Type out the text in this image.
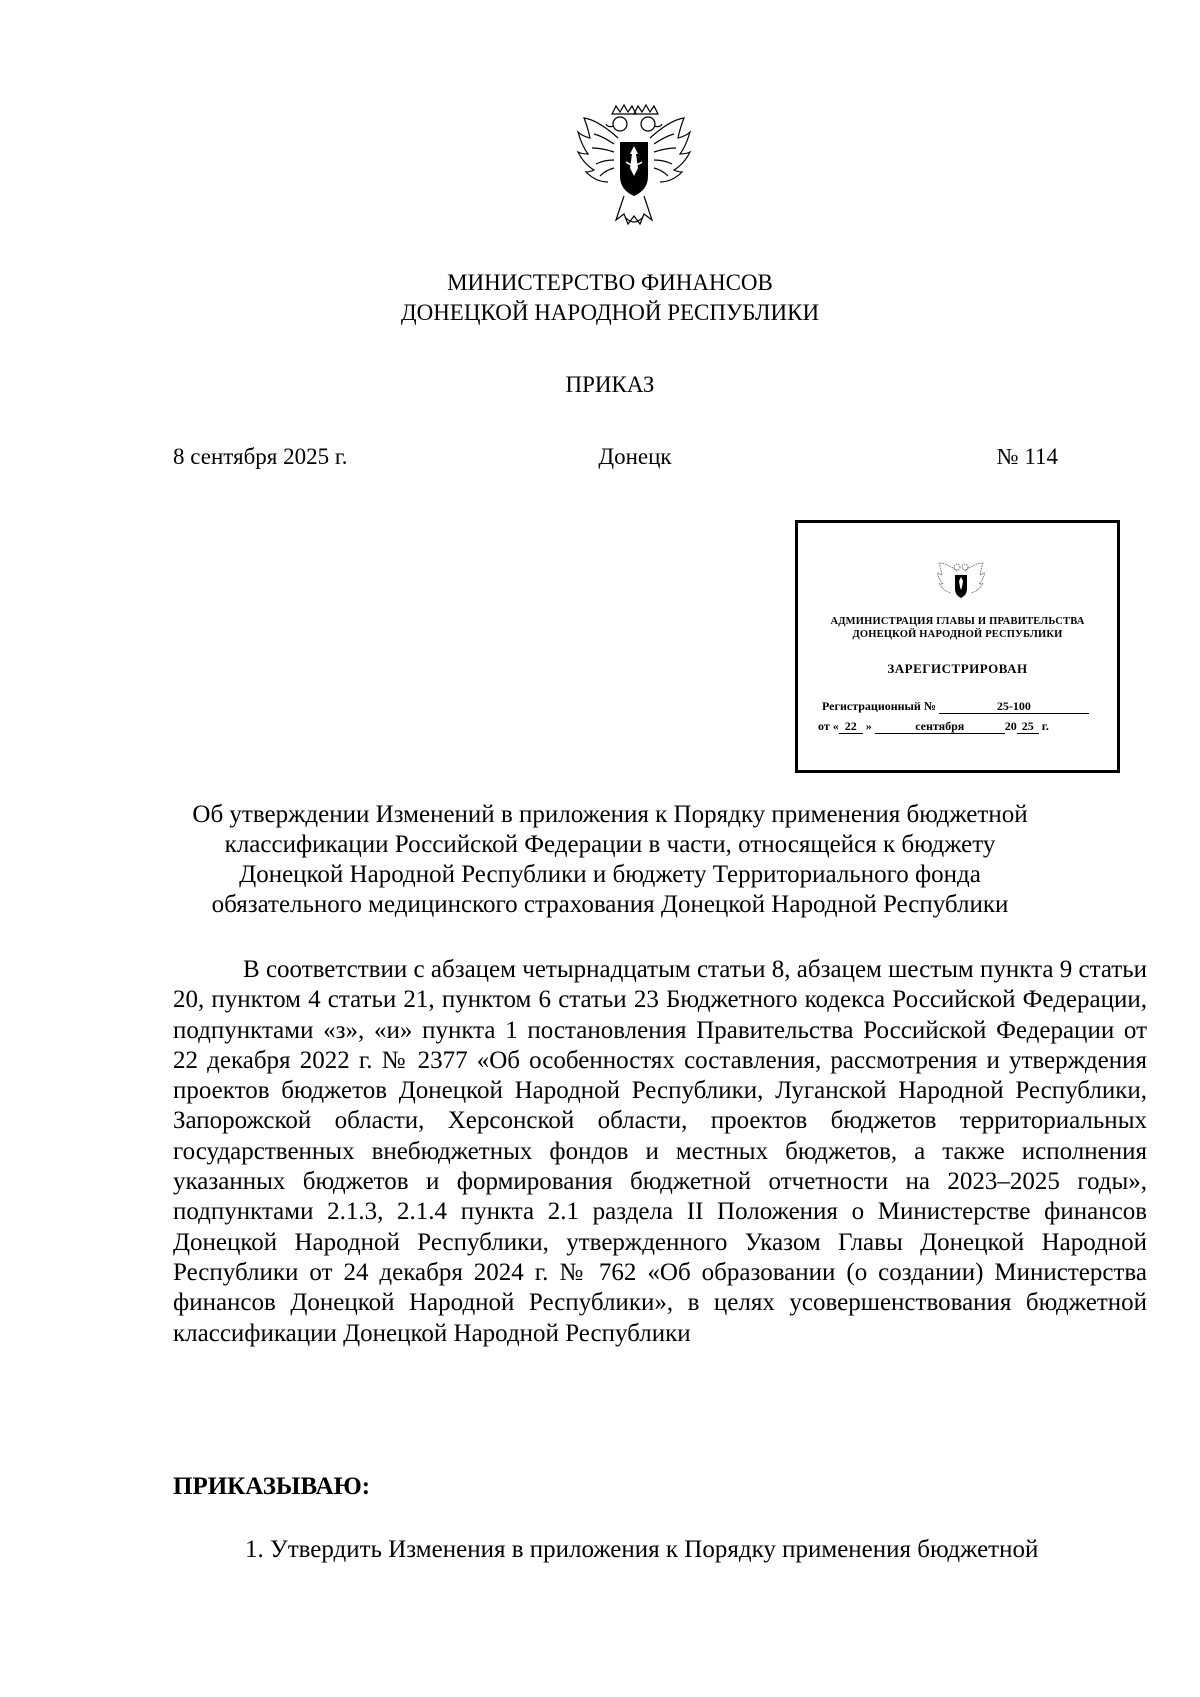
МИНИСТЕРСТВО ФИНАНСОВ
ДОНЕЦКОЙ НАРОДНОЙ РЕСПУБЛИКИ
ПРИКАЗ
8 сентября 2025 г.	Донецк	№ 114
АДМИНИСТРАЦИЯ ГЛАВЫ И ПРАВИТЕЛЬСТВА
ДОНЕЦКОЙ НАРОДНОЙ РЕСПУБЛИКИ
ЗАРЕГИСТРИРОВАН
Регистрационный №	25-100
от « 22 »	сентября	20 25 г.
Об утверждении Изменений в приложения к Порядку применения бюджетной
классификации Российской Федерации в части, относящейся к бюджету
Донецкой Народной Республики и бюджету Территориального фонда
обязательного медицинского страхования Донецкой Народной Республики

В соответствии с абзацем четырнадцатым статьи 8, абзацем шестым пункта 9 статьи 20, пунктом 4 статьи 21, пунктом 6 статьи 23 Бюджетного кодекса Российской Федерации, подпунктами «з», «и» пункта 1 постановления Правительства Российской Федерации от 22 декабря 2022 г. № 2377 «Об особенностях составления, рассмотрения и утверждения проектов бюджетов Донецкой Народной Республики, Луганской Народной Республики, Запорожской области, Херсонской области, проектов бюджетов территориальных государственных внебюджетных фондов и местных бюджетов, а также исполнения указанных бюджетов и формирования бюджетной отчетности на 2023–2025 годы», подпунктами 2.1.3, 2.1.4 пункта 2.1 раздела II Положения о Министерстве финансов Донецкой Народной Республики, утвержденного Указом Главы Донецкой Народной Республики от 24 декабря 2024 г. № 762 «Об образовании (о создании) Министерства финансов Донецкой Народной Республики», в целях усовершенствования бюджетной классификации Донецкой Народной Республики

ПРИКАЗЫВАЮ:
1. Утвердить Изменения в приложения к Порядку применения бюджетной
